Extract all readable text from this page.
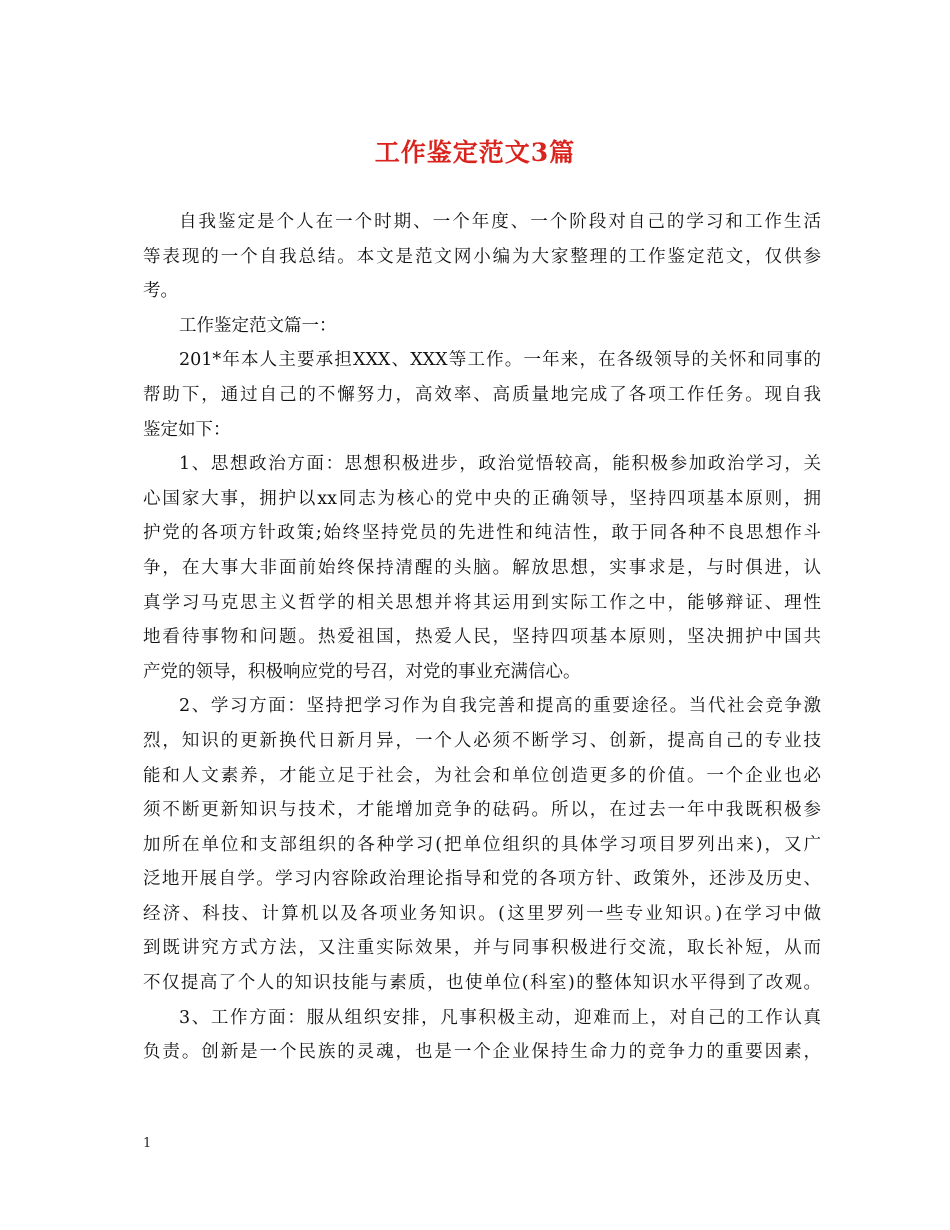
工作鉴定范文3篇
自我鉴定是个人在一个时期、一个年度、一个阶段对自己的学习和工作生活
等表现的一个自我总结。本文是范文网小编为大家整理的工作鉴定范文，仅供参
考。
工作鉴定范文篇一：
201*年本人主要承担XXX、XXX等工作。一年来，在各级领导的关怀和同事的
帮助下，通过自己的不懈努力，高效率、高质量地完成了各项工作任务。现自我
鉴定如下：
1、思想政治方面：思想积极进步，政治觉悟较高，能积极参加政治学习，关
心国家大事，拥护以xx同志为核心的党中央的正确领导，坚持四项基本原则，拥
护党的各项方针政策;始终坚持党员的先进性和纯洁性，敢于同各种不良思想作斗
争，在大事大非面前始终保持清醒的头脑。解放思想，实事求是，与时俱进，认
真学习马克思主义哲学的相关思想并将其运用到实际工作之中，能够辩证、理性
地看待事物和问题。热爱祖国，热爱人民，坚持四项基本原则，坚决拥护中国共
产党的领导，积极响应党的号召，对党的事业充满信心。
2、学习方面：坚持把学习作为自我完善和提高的重要途径。当代社会竞争激
烈，知识的更新换代日新月异，一个人必须不断学习、创新，提高自己的专业技
能和人文素养，才能立足于社会，为社会和单位创造更多的价值。一个企业也必
须不断更新知识与技术，才能增加竞争的砝码。所以，在过去一年中我既积极参
加所在单位和支部组织的各种学习(把单位组织的具体学习项目罗列出来)，又广
泛地开展自学。学习内容除政治理论指导和党的各项方针、政策外，还涉及历史、
经济、科技、计算机以及各项业务知识。(这里罗列一些专业知识。)在学习中做
到既讲究方式方法，又注重实际效果，并与同事积极进行交流，取长补短，从而
不仅提高了个人的知识技能与素质，也使单位(科室)的整体知识水平得到了改观。
3、工作方面：服从组织安排，凡事积极主动，迎难而上，对自己的工作认真
负责。创新是一个民族的灵魂，也是一个企业保持生命力的竞争力的重要因素，
1
